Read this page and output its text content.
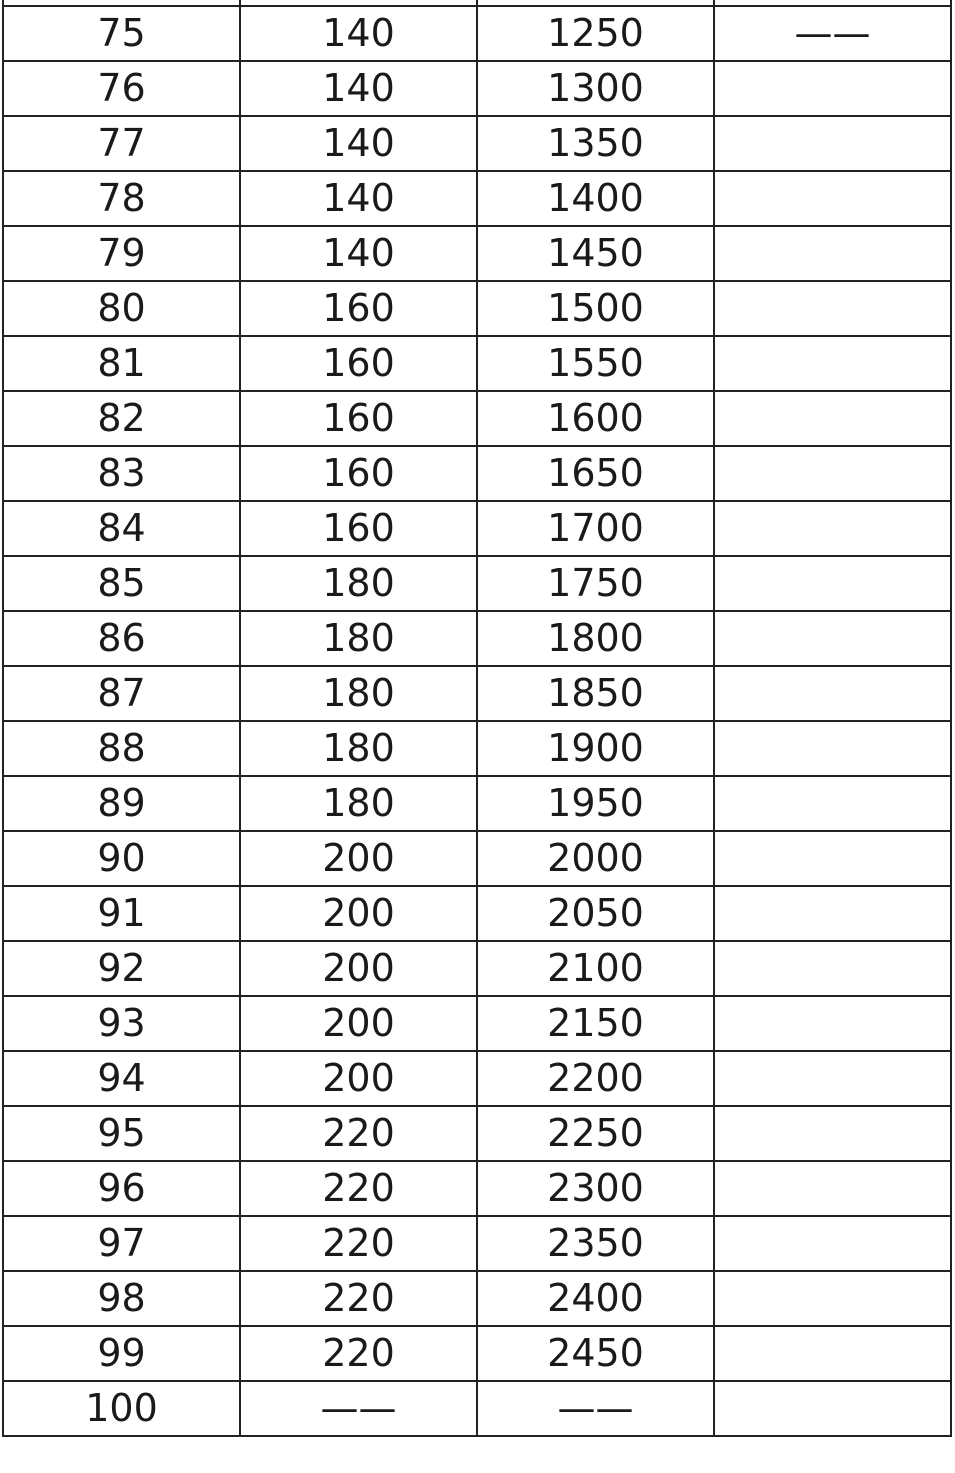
75	140	1250	——
76	140	1300	
77	140	1350	
78	140	1400	
79	140	1450	
80	160	1500	
81	160	1550	
82	160	1600	
83	160	1650	
84	160	1700	
85	180	1750	
86	180	1800	
87	180	1850	
88	180	1900	
89	180	1950	
90	200	2000	
91	200	2050	
92	200	2100	
93	200	2150	
94	200	2200	
95	220	2250	
96	220	2300	
97	220	2350	
98	220	2400	
99	220	2450	
100	——	——	
